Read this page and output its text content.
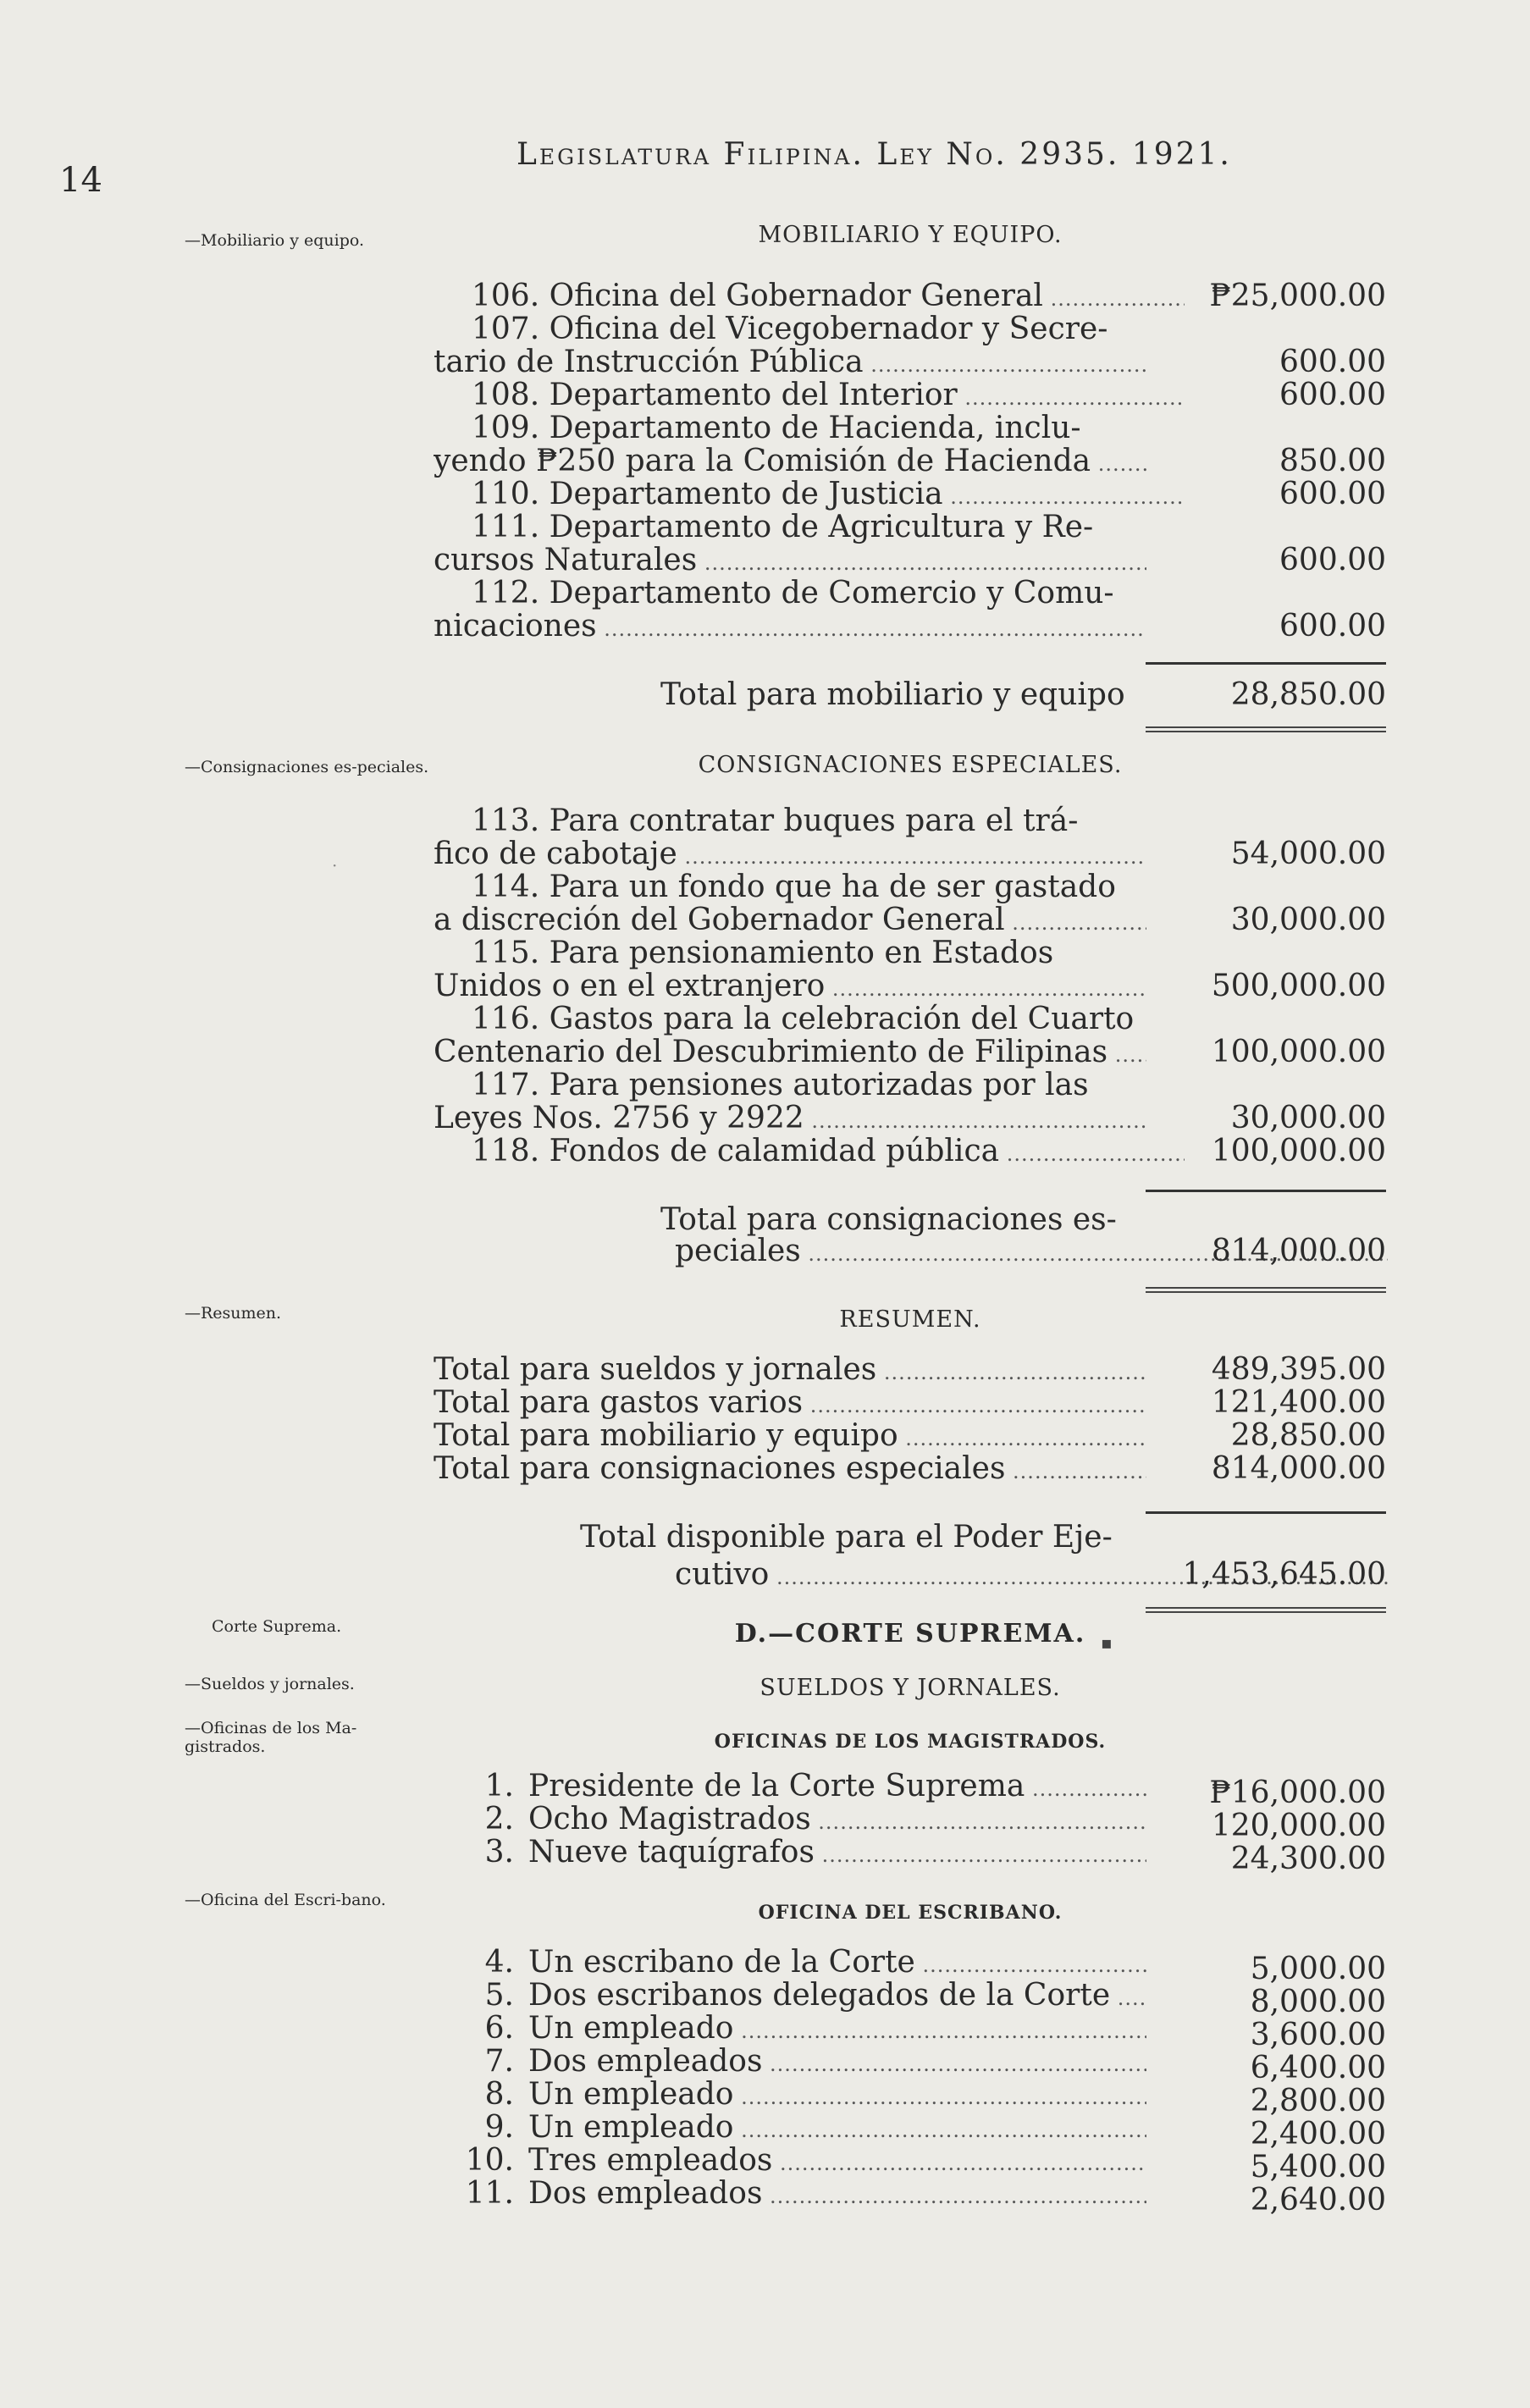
14
Legislatura Filipina. Ley No. 2935. 1921.
—Mobiliario y equipo.	MOBILIARIO Y EQUIPO.
106. Oficina del Gobernador General .....	₱25,000.00
107. Oficina del Vicegobernador y Secre-
tario de Instrucción Pública .....	600.00
108. Departamento del Interior .....	600.00
109. Departamento de Hacienda, inclu-
yendo ₱250 para la Comisión de Hacienda .....	850.00
110. Departamento de Justicia .....	600.00
111. Departamento de Agricultura y Re-
cursos Naturales .....	600.00
112. Departamento de Comercio y Comu-
nicaciones .....	600.00
Total para mobiliario y equipo	28,850.00
—Consignaciones es-peciales.	CONSIGNACIONES ESPECIALES.
113. Para contratar buques para el trá-
fico de cabotaje .....	54,000.00
114. Para un fondo que ha de ser gastado
a discreción del Gobernador General .....	30,000.00
115. Para pensionamiento en Estados
Unidos o en el extranjero .....	500,000.00
116. Gastos para la celebración del Cuarto
Centenario del Descubrimiento de Filipinas .....	100,000.00
117. Para pensiones autorizadas por las
Leyes Nos. 2756 y 2922 .....	30,000.00
118. Fondos de calamidad pública .....	100,000.00
Total para consignaciones es-
peciales .....	814,000.00
—Resumen.	RESUMEN.
Total para sueldos y jornales .....	489,395.00
Total para gastos varios .....	121,400.00
Total para mobiliario y equipo .....	28,850.00
Total para consignaciones especiales .....	814,000.00
Total disponible para el Poder Eje-
cutivo .....	1,453,645.00
Corte Suprema.	D.—CORTE SUPREMA.
—Sueldos y jornales.	SUELDOS Y JORNALES.
—Oficinas de los Ma-gistrados.	OFICINAS DE LOS MAGISTRADOS.
1. Presidente de la Corte Suprema .....	₱16,000.00
2. Ocho Magistrados .....	120,000.00
3. Nueve taquígrafos .....	24,300.00
—Oficina del Escri-bano.
OFICINA DEL ESCRIBANO.
4. Un escribano de la Corte .....	5,000.00
5. Dos escribanos delegados de la Corte .....	8,000.00
6. Un empleado .....	3,600.00
7. Dos empleados .....	6,400.00
8. Un empleado .....	2,800.00
9. Un empleado .....	2,400.00
10. Tres empleados .....	5,400.00
11. Dos empleados .....	2,640.00
·
▪
